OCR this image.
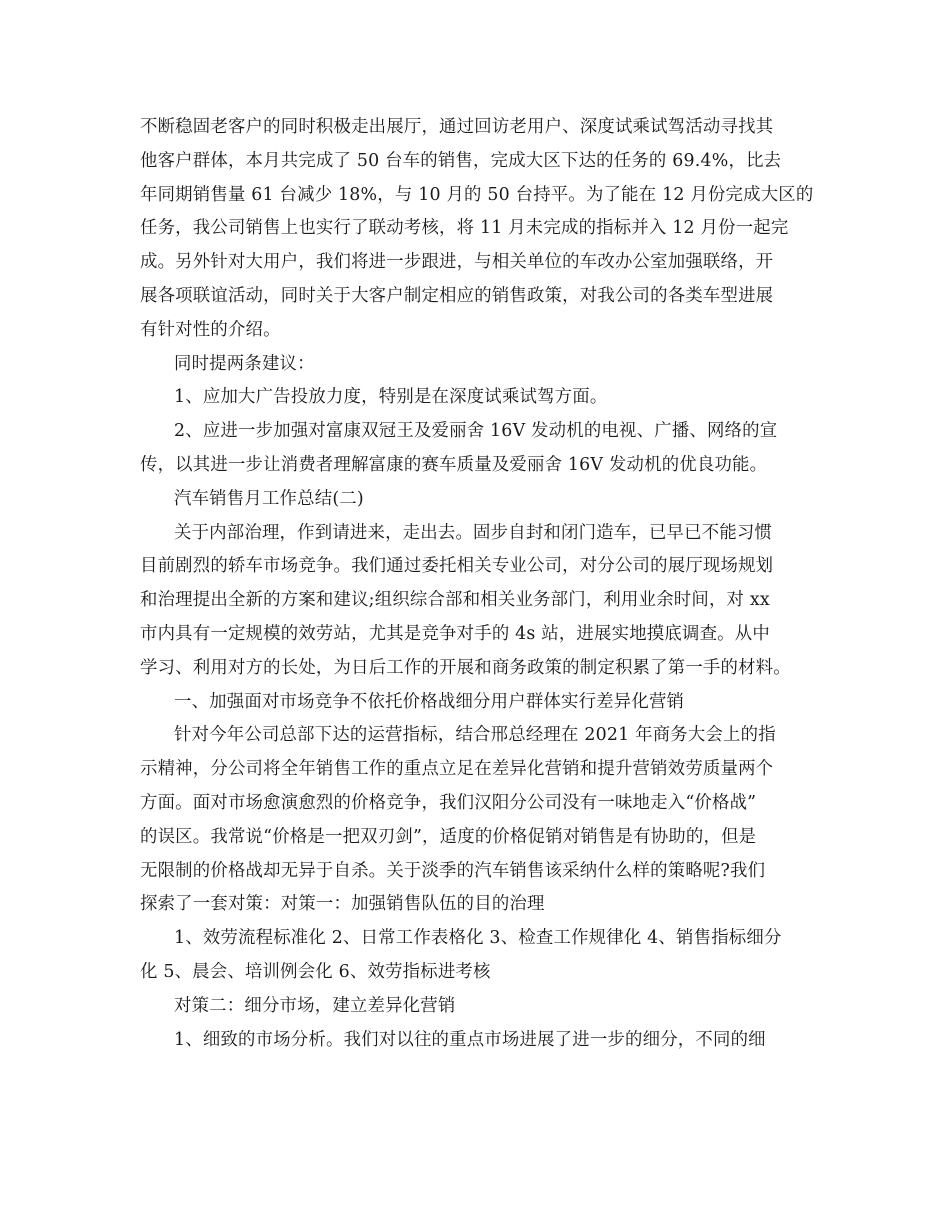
不断稳固老客户的同时积极走出展厅，通过回访老用户、深度试乘试驾活动寻找其
他客户群体，本月共完成了 50 台车的销售，完成大区下达的任务的 69.4%，比去
年同期销售量 61 台减少 18%，与 10 月的 50 台持平。为了能在 12 月份完成大区的
任务，我公司销售上也实行了联动考核，将 11 月未完成的指标并入 12 月份一起完
成。另外针对大用户，我们将进一步跟进，与相关单位的车改办公室加强联络，开
展各项联谊活动，同时关于大客户制定相应的销售政策，对我公司的各类车型进展
有针对性的介绍。
同时提两条建议：
1、应加大广告投放力度，特别是在深度试乘试驾方面。
2、应进一步加强对富康双冠王及爱丽舍 16V 发动机的电视、广播、网络的宣
传，以其进一步让消费者理解富康的赛车质量及爱丽舍 16V 发动机的优良功能。
汽车销售月工作总结(二)
关于内部治理，作到请进来，走出去。固步自封和闭门造车，已早已不能习惯
目前剧烈的轿车市场竞争。我们通过委托相关专业公司，对分公司的展厅现场规划
和治理提出全新的方案和建议;组织综合部和相关业务部门，利用业余时间，对 xx
市内具有一定规模的效劳站，尤其是竞争对手的 4s 站，进展实地摸底调查。从中
学习、利用对方的长处，为日后工作的开展和商务政策的制定积累了第一手的材料。
一、加强面对市场竞争不依托价格战细分用户群体实行差异化营销
针对今年公司总部下达的运营指标，结合邢总经理在 2021 年商务大会上的指
示精神，分公司将全年销售工作的重点立足在差异化营销和提升营销效劳质量两个
方面。面对市场愈演愈烈的价格竞争，我们汉阳分公司没有一味地走入“价格战”
的误区。我常说“价格是一把双刃剑”，适度的价格促销对销售是有协助的，但是
无限制的价格战却无异于自杀。关于淡季的汽车销售该采纳什么样的策略呢?我们
探索了一套对策：对策一：加强销售队伍的目的治理
1、效劳流程标准化 2、日常工作表格化 3、检查工作规律化 4、销售指标细分
化 5、晨会、培训例会化 6、效劳指标进考核
对策二：细分市场，建立差异化营销
1、细致的市场分析。我们对以往的重点市场进展了进一步的细分，不同的细
